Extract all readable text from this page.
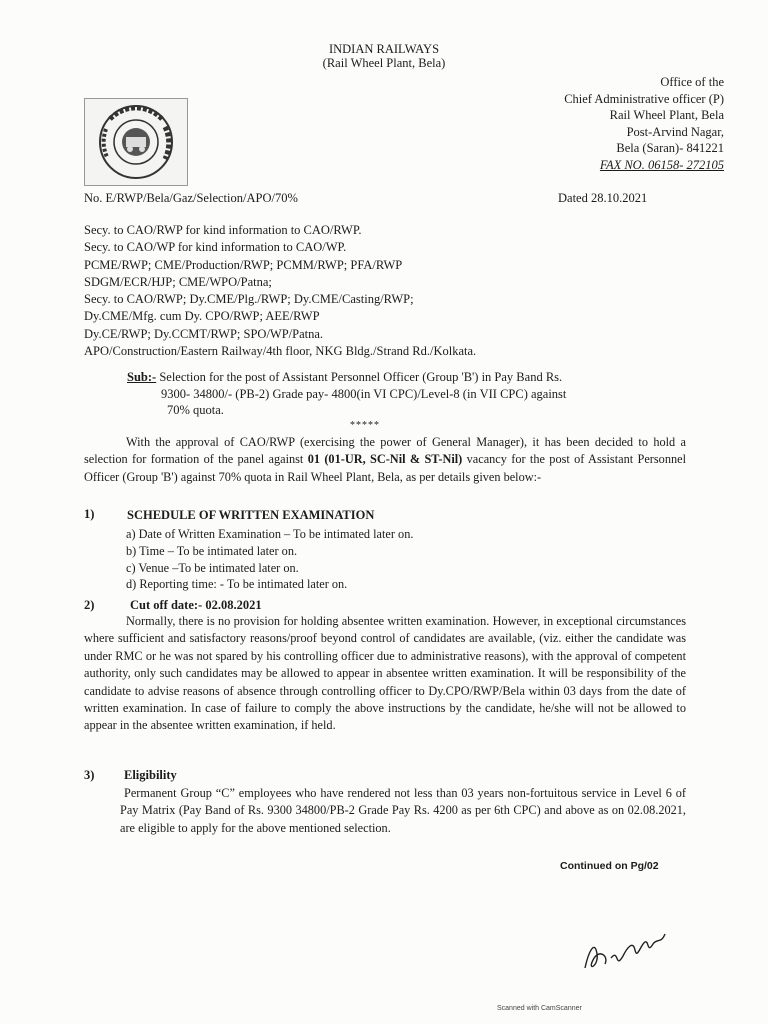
INDIAN RAILWAYS
(Rail Wheel Plant, Bela)
Office of the
Chief Administrative officer (P)
Rail Wheel Plant, Bela
Post-Arvind Nagar,
Bela (Saran)- 841221
FAX NO. 06158- 272105
No. E/RWP/Bela/Gaz/Selection/APO/70%	Dated 28.10.2021
Secy. to CAO/RWP for kind information to CAO/RWP.
Secy. to CAO/WP for kind information to CAO/WP.
PCME/RWP; CME/Production/RWP; PCMM/RWP; PFA/RWP
SDGM/ECR/HJP; CME/WPO/Patna;
Secy. to CAO/RWP; Dy.CME/Plg./RWP; Dy.CME/Casting/RWP;
Dy.CME/Mfg. cum Dy. CPO/RWP; AEE/RWP
Dy.CE/RWP; Dy.CCMT/RWP; SPO/WP/Patna.
APO/Construction/Eastern Railway/4th floor, NKG Bldg./Strand Rd./Kolkata.
Sub:- Selection for the post of Assistant Personnel Officer (Group 'B') in Pay Band Rs.
9300- 34800/- (PB-2) Grade pay- 4800(in VI CPC)/Level-8 (in VII CPC) against
70% quota.
*****
With the approval of CAO/RWP (exercising the power of General Manager), it has been decided to hold a selection for formation of the panel against 01 (01-UR, SC-Nil & ST-Nil) vacancy for the post of Assistant Personnel Officer (Group 'B') against 70% quota in Rail Wheel Plant, Bela, as per details given below:-
1)	SCHEDULE OF WRITTEN EXAMINATION
a) Date of Written Examination – To be intimated later on.
b) Time – To be intimated later on.
c) Venue –To be intimated later on.
d) Reporting time: - To be intimated later on.
2)	Cut off date:- 02.08.2021
Normally, there is no provision for holding absentee written examination. However, in exceptional circumstances where sufficient and satisfactory reasons/proof beyond control of candidates are available, (viz. either the candidate was under RMC or he was not spared by his controlling officer due to administrative reasons), with the approval of competent authority, only such candidates may be allowed to appear in absentee written examination. It will be responsibility of the candidate to advise reasons of absence through controlling officer to Dy.CPO/RWP/Bela within 03 days from the date of written examination. In case of failure to comply the above instructions by the candidate, he/she will not be allowed to appear in the absentee written examination, if held.
3) Eligibility
Permanent Group “C” employees who have rendered not less than 03 years non-fortuitous service in Level 6 of Pay Matrix (Pay Band of Rs. 9300 34800/PB-2 Grade Pay Rs. 4200 as per 6th CPC) and above as on 02.08.2021, are eligible to apply for the above mentioned selection.
Continued on Pg/02
Scanned with CamScanner
